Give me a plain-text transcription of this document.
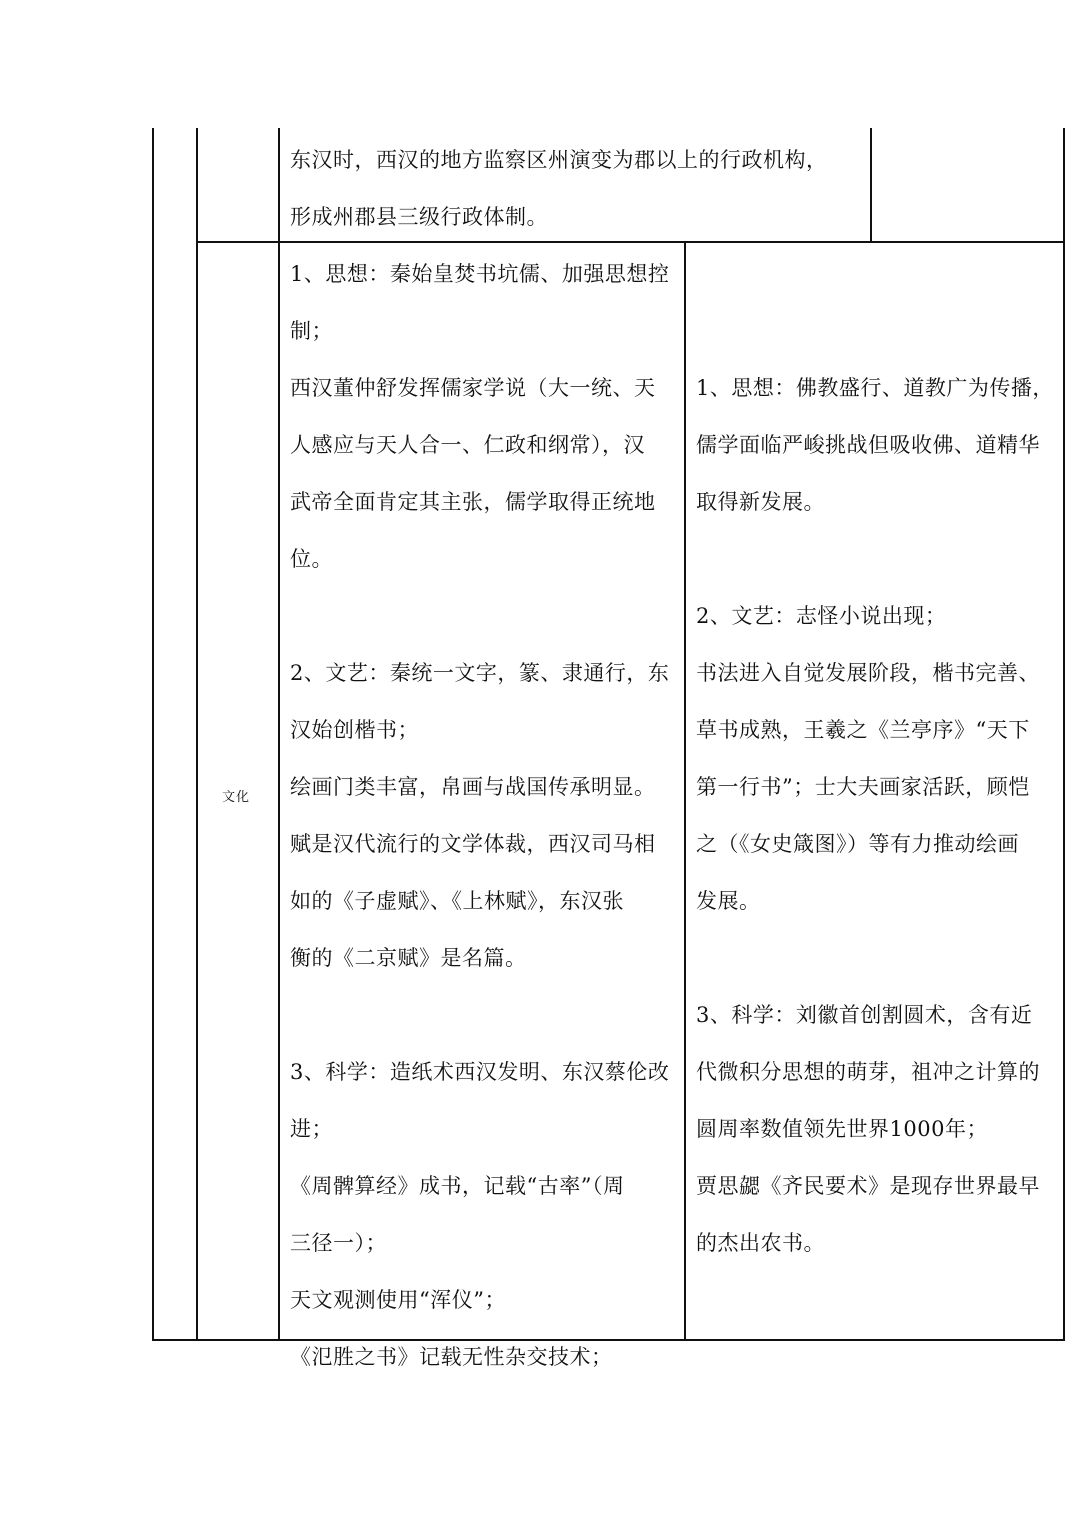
东汉时，西汉的地方监察区州演变为郡以上的行政机构，
形成州郡县三级行政体制。
文化
1、思想：秦始皇焚书坑儒、加强思想控
制；
西汉董仲舒发挥儒家学说（大一统、天
人感应与天人合一、仁政和纲常），汉
武帝全面肯定其主张，儒学取得正统地
位。
2、文艺：秦统一文字，篆、隶通行，东
汉始创楷书；
绘画门类丰富，帛画与战国传承明显。
赋是汉代流行的文学体裁，西汉司马相
如的《子虚赋》、《上林赋》，东汉张
衡的《二京赋》是名篇。
3、科学：造纸术西汉发明、东汉蔡伦改
进；
《周髀算经》成书，记载“古率”（周
三径一）；
天文观测使用“浑仪”；
《氾胜之书》记载无性杂交技术；
1、思想：佛教盛行、道教广为传播，
儒学面临严峻挑战但吸收佛、道精华
取得新发展。
2、文艺：志怪小说出现；
书法进入自觉发展阶段，楷书完善、
草书成熟，王羲之《兰亭序》“天下
第一行书”；士大夫画家活跃，顾恺
之（《女史箴图》）等有力推动绘画
发展。
3、科学：刘徽首创割圆术，含有近
代微积分思想的萌芽，祖冲之计算的
圆周率数值领先世界1000年；
贾思勰《齐民要术》是现存世界最早
的杰出农书。
